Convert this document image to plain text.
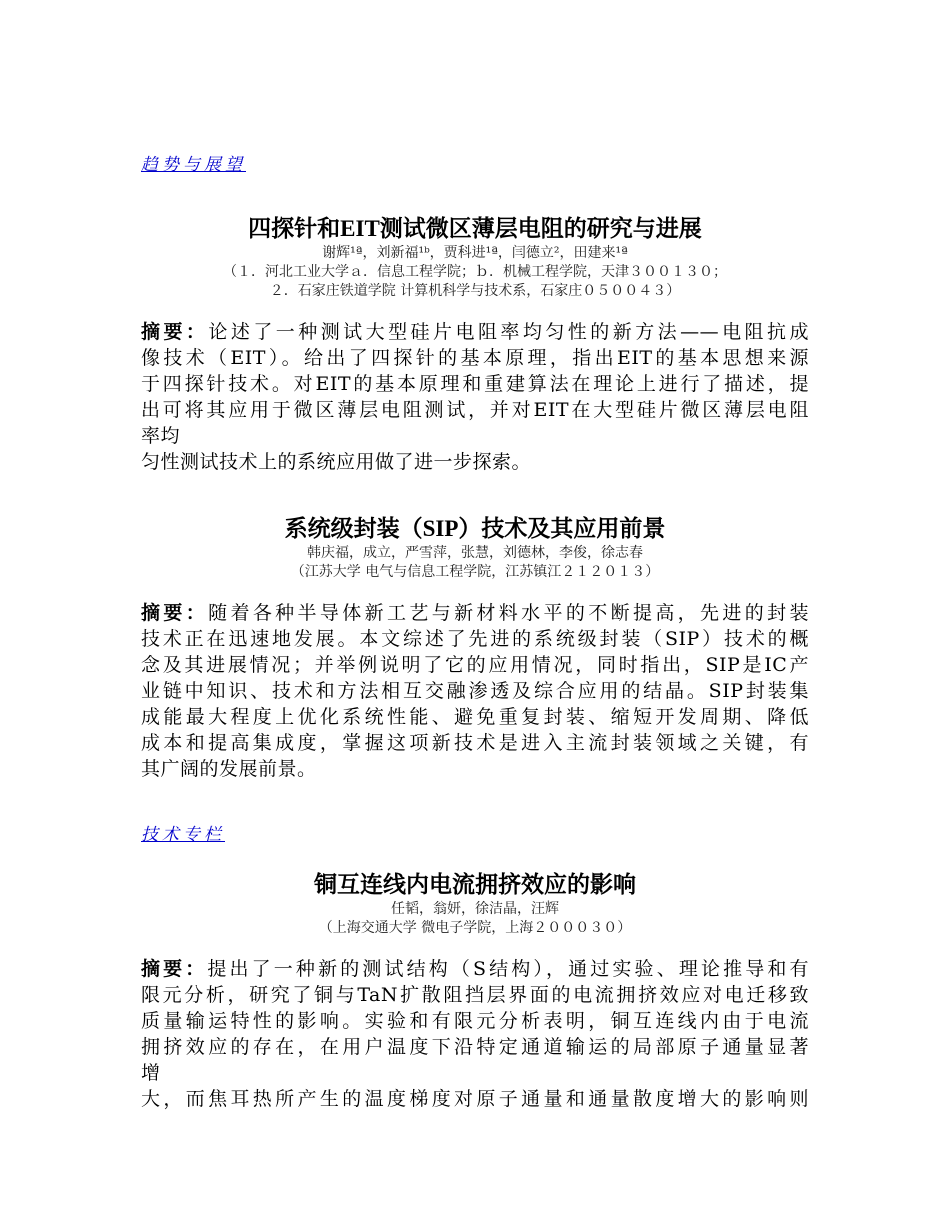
趋势与展望
四探针和EIT测试微区薄层电阻的研究与进展
谢辉¹ª，刘新福¹ᵇ，贾科进¹ª，闫德立²，田建来¹ª
（１．河北工业大学ａ．信息工程学院；ｂ．机械工程学院，天津３００１３０；
２．石家庄铁道学院 计算机科学与技术系，石家庄０５００４３）
摘要：论述了一种测试大型硅片电阻率均匀性的新方法——电阻抗成
像技术（EIT）。给出了四探针的基本原理，指出EIT的基本思想来源
于四探针技术。对EIT的基本原理和重建算法在理论上进行了描述，提
出可将其应用于微区薄层电阻测试，并对EIT在大型硅片微区薄层电阻
率均
匀性测试技术上的系统应用做了进一步探索。
系统级封装（SIP）技术及其应用前景
韩庆福，成立，严雪萍，张慧，刘德林，李俊，徐志春
（江苏大学 电气与信息工程学院，江苏镇江２１２０１３）
摘要：随着各种半导体新工艺与新材料水平的不断提高，先进的封装
技术正在迅速地发展。本文综述了先进的系统级封装（SIP）技术的概
念及其进展情况；并举例说明了它的应用情况，同时指出，SIP是IC产
业链中知识、技术和方法相互交融渗透及综合应用的结晶。SIP封装集
成能最大程度上优化系统性能、避免重复封装、缩短开发周期、降低
成本和提高集成度，掌握这项新技术是进入主流封装领域之关键，有
其广阔的发展前景。
技术专栏
铜互连线内电流拥挤效应的影响
任韬，翁妍，徐洁晶，汪辉
（上海交通大学 微电子学院，上海２０００３０）
摘要：提出了一种新的测试结构（S结构），通过实验、理论推导和有
限元分析，研究了铜与TaN扩散阻挡层界面的电流拥挤效应对电迁移致
质量输运特性的影响。实验和有限元分析表明，铜互连线内由于电流
拥挤效应的存在，在用户温度下沿特定通道输运的局部原子通量显著
增
大，而焦耳热所产生的温度梯度对原子通量和通量散度增大的影响则
